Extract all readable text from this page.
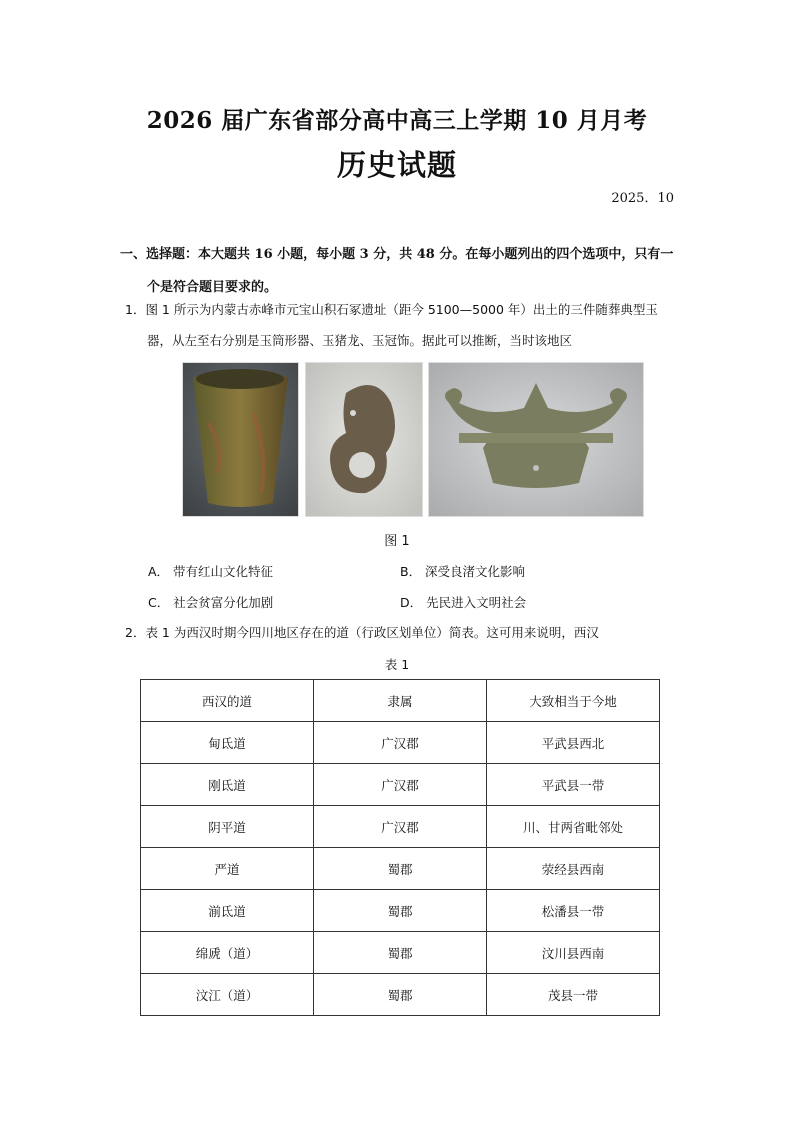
2026 届广东省部分高中高三上学期 10 月月考
历史试题
2025．10
一、选择题：本大题共 16 小题，每小题 3 分，共 48 分。在每小题列出的四个选项中，只有一
个是符合题目要求的。
1．图 1 所示为内蒙古赤峰市元宝山积石冢遗址（距今 5100—5000 年）出土的三件随葬典型玉
器，从左至右分别是玉筒形器、玉猪龙、玉冠饰。据此可以推断，当时该地区
图 1
A． 带有红山文化特征	B． 深受良渚文化影响
C． 社会贫富分化加剧	D． 先民进入文明社会
2．表 1 为西汉时期今四川地区存在的道（行政区划单位）简表。这可用来说明，西汉
表 1
西汉的道	隶属	大致相当于今地
甸氐道	广汉郡	平武县西北
刚氐道	广汉郡	平武县一带
阴平道	广汉郡	川、甘两省毗邻处
严道	蜀郡	荥经县西南
湔氐道	蜀郡	松潘县一带
绵虒（道）	蜀郡	汶川县西南
汶江（道）	蜀郡	茂县一带
